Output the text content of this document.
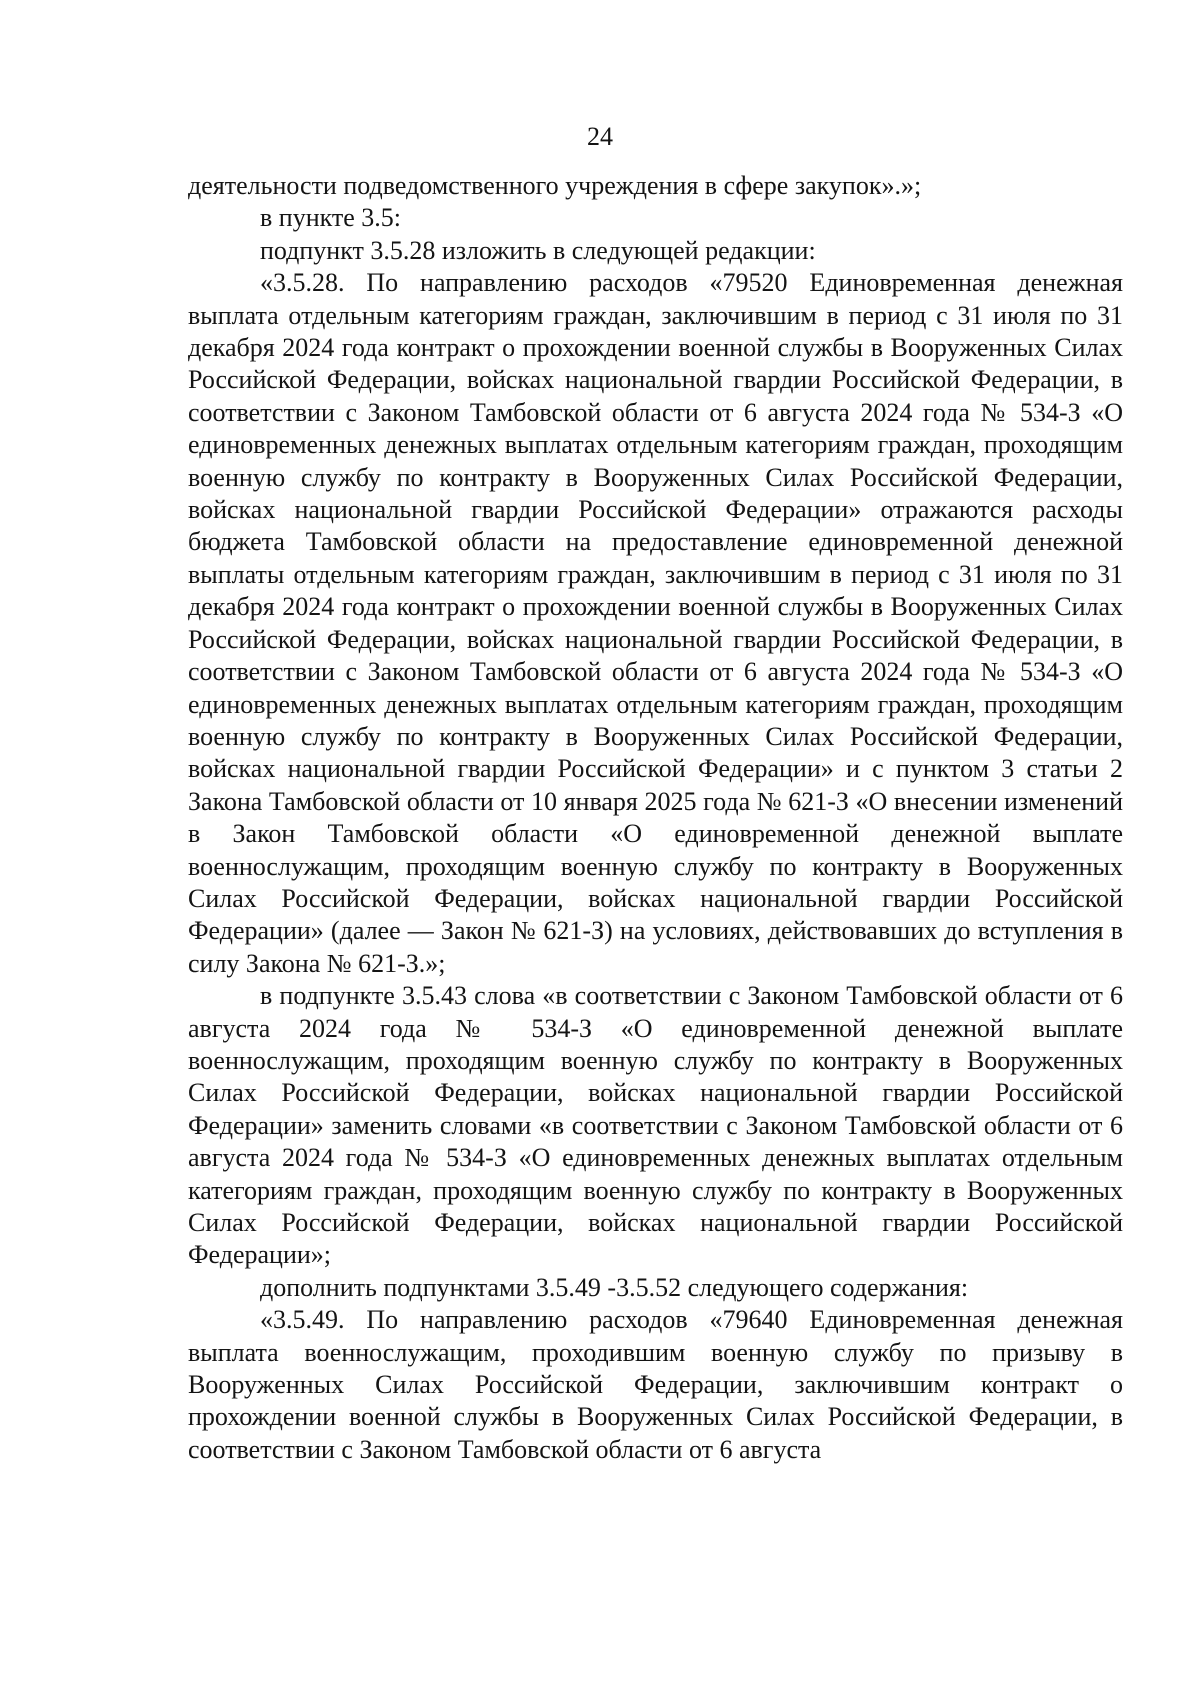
24

деятельности подведомственного учреждения в сфере закупок».»;

в пункте 3.5:

подпункт 3.5.28 изложить в следующей редакции:

«3.5.28. По направлению расходов «79520 Единовременная денежная выплата отдельным категориям граждан, заключившим в период с 31 июля по 31 декабря 2024 года контракт о прохождении военной службы в Вооруженных Силах Российской Федерации, войсках национальной гвардии Российской Федерации, в соответствии с Законом Тамбовской области от 6 августа 2024 года № 534-З «О единовременных денежных выплатах отдельным категориям граждан, проходящим военную службу по контракту в Вооруженных Силах Российской Федерации, войсках национальной гвардии Российской Федерации» отражаются расходы бюджета Тамбовской области на предоставление единовременной денежной выплаты отдельным категориям граждан, заключившим в период с 31 июля по 31 декабря 2024 года контракт о прохождении военной службы в Вооруженных Силах Российской Федерации, войсках национальной гвардии Российской Федерации, в соответствии с Законом Тамбовской области от 6 августа 2024 года № 534-З «О единовременных денежных выплатах отдельным категориям граждан, проходящим военную службу по контракту в Вооруженных Силах Российской Федерации, войсках национальной гвардии Российской Федерации» и с пунктом 3 статьи 2 Закона Тамбовской области от 10 января 2025 года № 621-З «О внесении изменений в Закон Тамбовской области «О единовременной денежной выплате военнослужащим, проходящим военную службу по контракту в Вооруженных Силах Российской Федерации, войсках национальной гвардии Российской Федерации» (далее — Закон № 621-З) на условиях, действовавших до вступления в силу Закона № 621-З.»;

в подпункте 3.5.43 слова «в соответствии с Законом Тамбовской области от 6 августа 2024 года № 534-З «О единовременной денежной выплате военнослужащим, проходящим военную службу по контракту в Вооруженных Силах Российской Федерации, войсках национальной гвардии Российской Федерации» заменить словами «в соответствии с Законом Тамбовской области от 6 августа 2024 года № 534-З «О единовременных денежных выплатах отдельным категориям граждан, проходящим военную службу по контракту в Вооруженных Силах Российской Федерации, войсках национальной гвардии Российской Федерации»;

дополнить подпунктами 3.5.49 -3.5.52 следующего содержания:

«3.5.49. По направлению расходов «79640 Единовременная денежная выплата военнослужащим, проходившим военную службу по призыву в Вооруженных Силах Российской Федерации, заключившим контракт о прохождении военной службы в Вооруженных Силах Российской Федерации, в соответствии с Законом Тамбовской области от 6 августа
